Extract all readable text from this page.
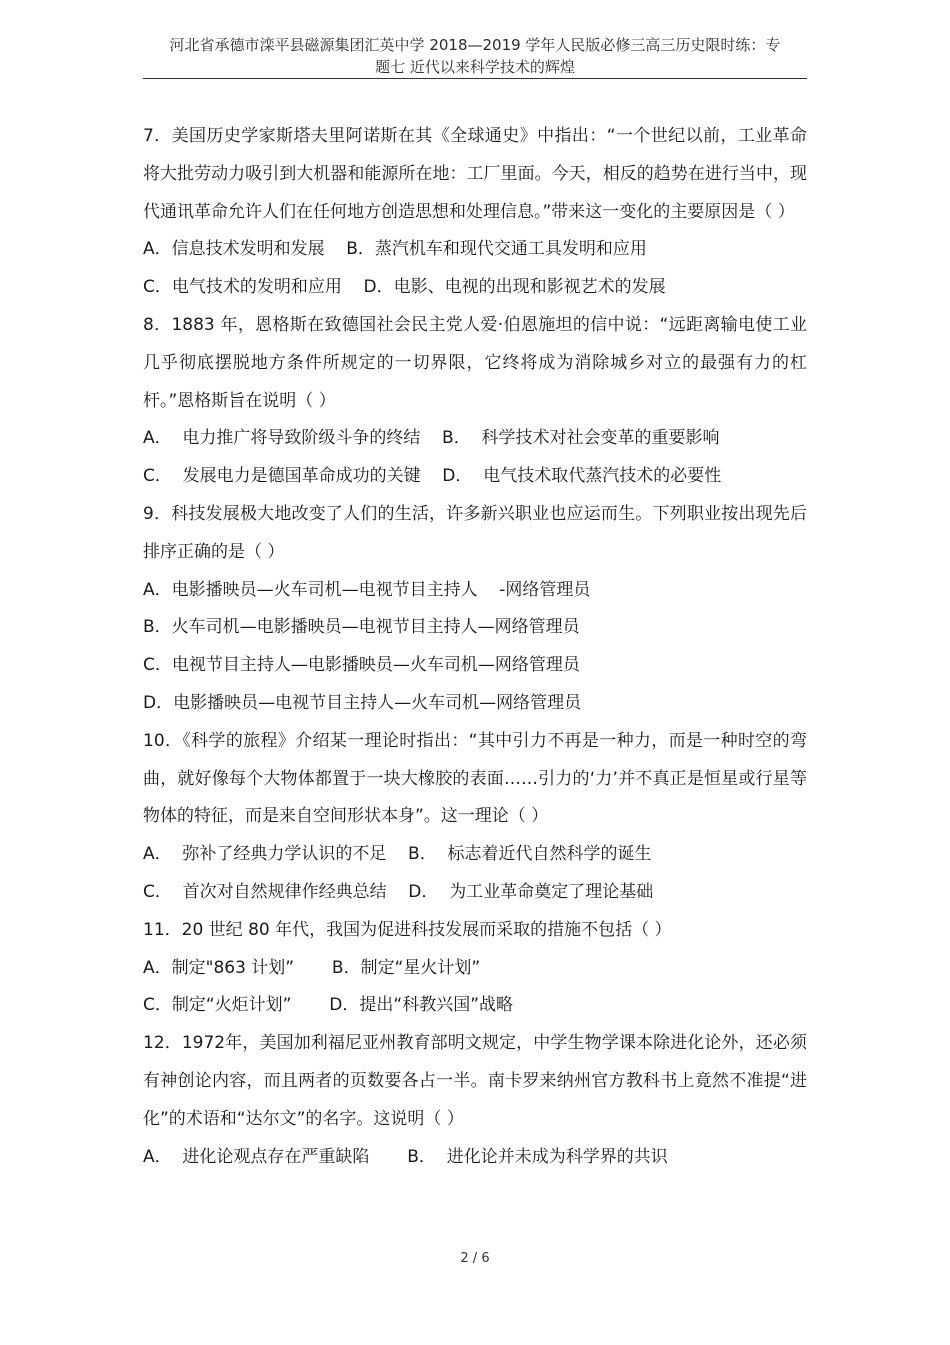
河北省承德市滦平县磁源集团汇英中学 2018—2019 学年人民版必修三高三历史限时练：专
题七 近代以来科学技术的辉煌

7．美国历史学家斯塔夫里阿诺斯在其《全球通史》中指出：“一个世纪以前，工业革命将大批劳动力吸引到大机器和能源所在地：工厂里面。今天，相反的趋势在进行当中，现代通讯革命允许人们在任何地方创造思想和处理信息。”带来这一变化的主要原因是（ ）

A．信息技术发明和发展    B．蒸汽机车和现代交通工具发明和应用

C．电气技术的发明和应用    D．电影、电视的出现和影视艺术的发展

8．1883 年，恩格斯在致德国社会民主党人爱·伯恩施坦的信中说：“远距离输电使工业几乎彻底摆脱地方条件所规定的一切界限，它终将成为消除城乡对立的最强有力的杠杆。”恩格斯旨在说明（ ）

A．  电力推广将导致阶级斗争的终结    B．  科学技术对社会变革的重要影响

C．  发展电力是德国革命成功的关键    D．  电气技术取代蒸汽技术的必要性

9．科技发展极大地改变了人们的生活，许多新兴职业也应运而生。下列职业按出现先后排序正确的是（ ）

A．电影播映员—火车司机—电视节目主持人    -网络管理员

B．火车司机—电影播映员—电视节目主持人—网络管理员

C．电视节目主持人—电影播映员—火车司机—网络管理员

D．电影播映员—电视节目主持人—火车司机—网络管理员

10．《科学的旅程》介绍某一理论时指出：“其中引力不再是一种力，而是一种时空的弯曲，就好像每个大物体都置于一块大橡胶的表面……引力的‘力’并不真正是恒星或行星等物体的特征，而是来自空间形状本身”。这一理论（ ）

A．  弥补了经典力学认识的不足    B．  标志着近代自然科学的诞生

C．  首次对自然规律作经典总结    D．  为工业革命奠定了理论基础

11．20 世纪 80 年代，我国为促进科技发展而采取的措施不包括（ ）

A．制定"863 计划”       B．制定“星火计划”

C．制定“火炬计划”       D．提出“科教兴国”战略

12．1972年，美国加利福尼亚州教育部明文规定，中学生物学课本除进化论外，还必须有神创论内容，而且两者的页数要各占一半。南卡罗来纳州官方教科书上竟然不准提“进化”的术语和“达尔文”的名字。这说明（ ）

A．  进化论观点存在严重缺陷       B．  进化论并未成为科学界的共识

2 / 6
